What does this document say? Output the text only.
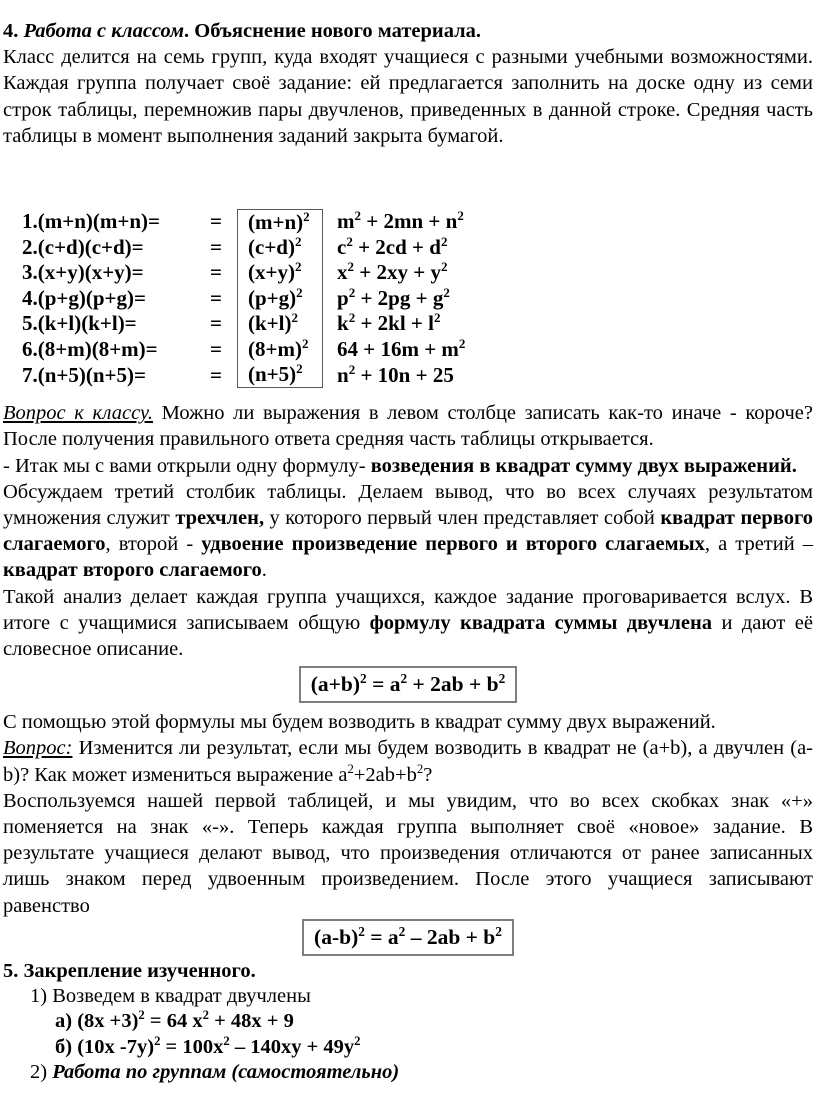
4. Работа с классом. Объяснение нового материала.

Класс делится на семь групп, куда входят учащиеся с разными учебными возможностями. Каждая группа получает своё задание: ей предлагается заполнить на доске одну из семи строк таблицы, перемножив пары двучленов, приведенных в данной строке. Средняя часть таблицы в момент выполнения заданий закрыта бумагой.

1.(m+n)(m+n)=	=	$(m+n)^2$	$m^2 + 2mn + n^2$
2.(c+d)(c+d)=	=	$(c+d)^2$	$c^2 + 2cd + d^2$
3.(x+y)(x+y)=	=	$(x+y)^2$	$x^2 + 2xy + y^2$
4.(p+g)(p+g)=	=	$(p+g)^2$	$p^2 + 2pg + g^2$
5.(k+l)(k+l)=	=	$(k+l)^2$	$k^2 + 2kl + l^2$
6.(8+m)(8+m)=	=	$(8+m)^2$	$64 + 16m + m^2$
7.(n+5)(n+5)=	=	$(n+5)^2$	$n^2 + 10n + 25$

Вопрос к классу. Можно ли выражения в левом столбце записать как-то иначе - короче? После получения правильного ответа средняя часть таблицы открывается.

- Итак мы с вами открыли одну формулу- возведения в квадрат сумму двух выражений.

Обсуждаем третий столбик таблицы. Делаем вывод, что во всех случаях результатом умножения служит трехчлен, у которого первый член представляет собой квадрат первого слагаемого, второй - удвоение произведение первого и второго слагаемых, а третий – квадрат второго слагаемого.

Такой анализ делает каждая группа учащихся, каждое задание проговаривается вслух. В итоге с учащимися записываем общую формулу квадрата суммы двучлена и дают её словесное описание.

$(a+b)^2 = a^2 + 2ab + b^2$

С помощью этой формулы мы будем возводить в квадрат сумму двух выражений.

Вопрос: Изменится ли результат, если мы будем возводить в квадрат не (a+b), а двучлен (a-b)? Как может измениться выражение $a^2+2ab+b^2$?

Воспользуемся нашей первой таблицей, и мы увидим, что во всех скобках знак «+» поменяется на знак «-». Теперь каждая группа выполняет своё «новое» задание. В результате учащиеся делают вывод, что произведения отличаются от ранее записанных лишь знаком перед удвоенным произведением. После этого учащиеся записывают равенство

$(a-b)^2 = a^2 - 2ab + b^2$
5. Закрепление изученного.
1) Возведем в квадрат двучлены
а) $(8x +3)^2 = 64$ $x^2 + 48x + 9$
б) (10x $-7y)^2 = 100x^2 - 140xy + 49y^2$
2) Работа по группам (самостоятельно)
